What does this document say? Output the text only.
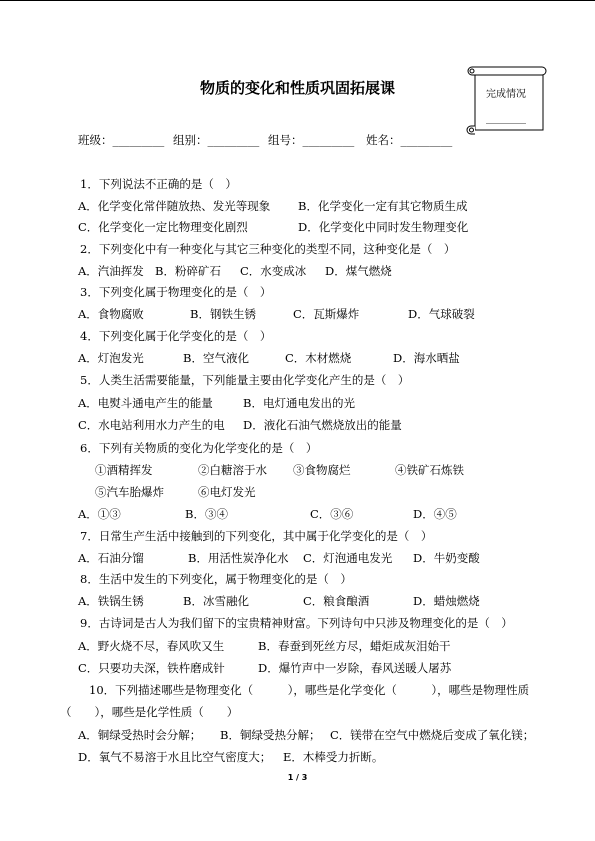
物质的变化和性质巩固拓展课	完成情况
________
班级：_________ 组别：_________ 组号：_________ 姓名：_________
1．下列说法不正确的是（　）
A．化学变化常伴随放热、发光等现象 B．化学变化一定有其它物质生成
C．化学变化一定比物理变化剧烈	D．化学变化中同时发生物理变化
2．下列变化中有一种变化与其它三种变化的类型不同，这种变化是（　）
A．汽油挥发 B．粉碎矿石 C．水变成冰 D．煤气燃烧
3．下列变化属于物理变化的是（　）
A．食物腐败	B．钢铁生锈	C．瓦斯爆炸	D．气球破裂
4．下列变化属于化学变化的是（　）
A．灯泡发光	B．空气液化	C．木材燃烧	D．海水晒盐
5．人类生活需要能量，下列能量主要由化学变化产生的是（　）
A．电熨斗通电产生的能量	B．电灯通电发出的光
C．水电站利用水力产生的电 D．液化石油气燃烧放出的能量
6．下列有关物质的变化为化学变化的是（　）
①酒精挥发	②白糖溶于水 ③食物腐烂	④铁矿石炼铁
⑤汽车胎爆炸	⑥电灯发光
A．①③	B．③④	C．③⑥	D．④⑤
7．日常生产生活中接触到的下列变化，其中属于化学变化的是（　）
A．石油分馏	B．用活性炭净化水 C．灯泡通电发光 D．牛奶变酸
8．生活中发生的下列变化，属于物理变化的是（　）
A．铁锅生锈	B．冰雪融化	C．粮食酿酒	D．蜡烛燃烧
9．古诗词是古人为我们留下的宝贵精神财富。下列诗句中只涉及物理变化的是（　）
A．野火烧不尽，春风吹又生	B．春蚕到死丝方尽，蜡炬成灰泪始干
C．只要功夫深，铁杵磨成针	D．爆竹声中一岁除，春风送暖人屠苏
10．下列描述哪些是物理变化（　　　），哪些是化学变化（　　　），哪些是物理性质
（　　），哪些是化学性质（　　）
A．铜绿受热时会分解； B．铜绿受热分解； C．镁带在空气中燃烧后变成了氧化镁；
D．氧气不易溶于水且比空气密度大； E．木棒受力折断。
1 / 3
